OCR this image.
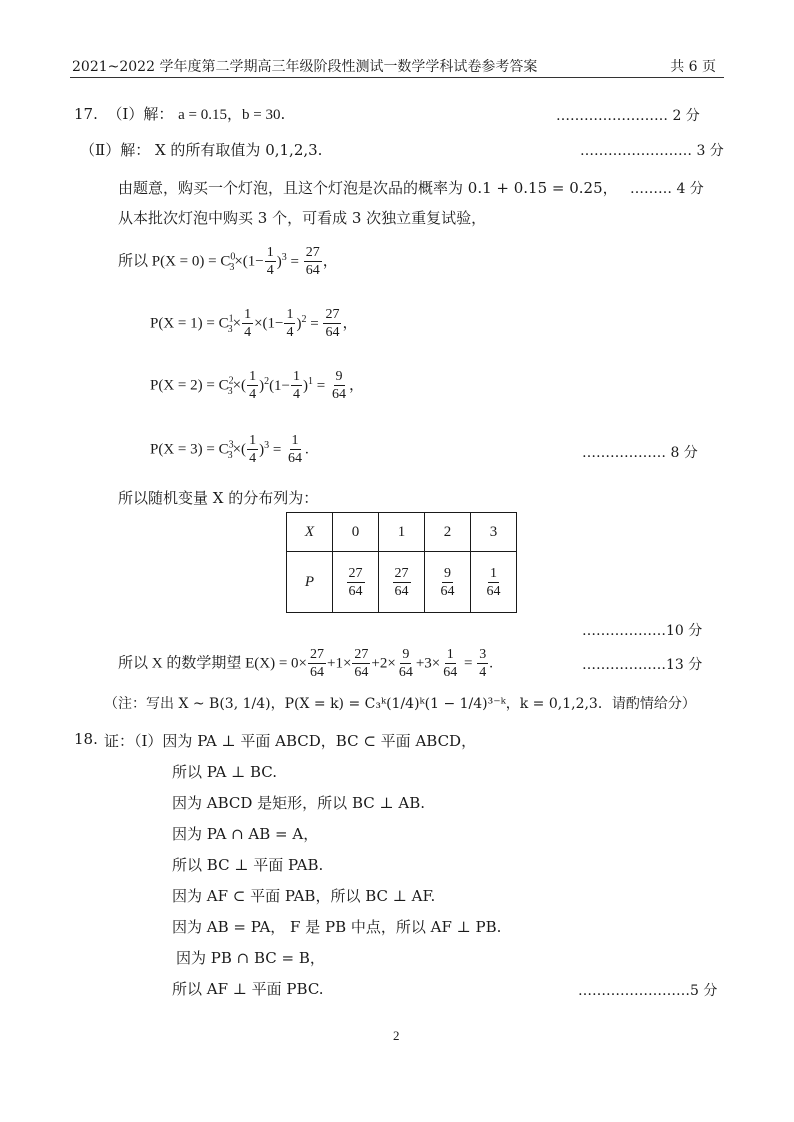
2021~2022 学年度第二学期高三年级阶段性测试一数学学科试卷参考答案	共 6 页
17. （Ⅰ）解： a = 0.15，b = 30.	…………………… 2 分
（Ⅱ）解： X 的所有取值为 0,1,2,3.	…………………… 3 分
由题意，购买一个灯泡，且这个灯泡是次品的概率为 0.1 + 0.15 = 0.25， ……… 4 分
从本批次灯泡中购买 3 个，可看成 3 次独立重复试验，
所以 $P(X = 0) = C^0_3\times(1- \frac{1}{4} )^3 = \frac{27}{64}$ ，
$P(X = 1) = C^1_3\times \frac{1}{4} \times(1- \frac{1}{4} )^2 = \frac{27}{64}$ ，
$P(X = 2) = C^2_3\times( \frac{1}{4} )^2(1- \frac{1}{4} )^1 = \frac{9}{64}$ ，
$P(X = 3) = C^3_3\times( \frac{1}{4} )^3 = \frac{1}{64}$ .	……………… 8 分
所以随机变量 X 的分布列为：
X	0	1	2	3
P	$\frac{27}{64}$	$\frac{27}{64}$	$\frac{9}{64}$	$\frac{1}{64}$
………………10 分
所以 X 的数学期望 $E(X) = 0\times \frac{27}{64} +1\times \frac{27}{64} +2\times \frac{9}{64} +3\times \frac{1}{64} = \frac{3}{4}$ .	………………13 分
（注：写出 X ~ B(3, 1/4)，P(X = k) = C₃ᵏ(1/4)ᵏ(1 − 1/4)³⁻ᵏ，k = 0,1,2,3．请酌情给分）
18. 证：（Ⅰ）因为 PA ⊥ 平面 ABCD，BC ⊂ 平面 ABCD，
所以 PA ⊥ BC.
因为 ABCD 是矩形，所以 BC ⊥ AB.
因为 PA ∩ AB = A，
所以 BC ⊥ 平面 PAB.
因为 AF ⊂ 平面 PAB，所以 BC ⊥ AF.
因为 AB = PA， F 是 PB 中点，所以 AF ⊥ PB.
因为 PB ∩ BC = B，
所以 AF ⊥ 平面 PBC.	……………………5 分
2
